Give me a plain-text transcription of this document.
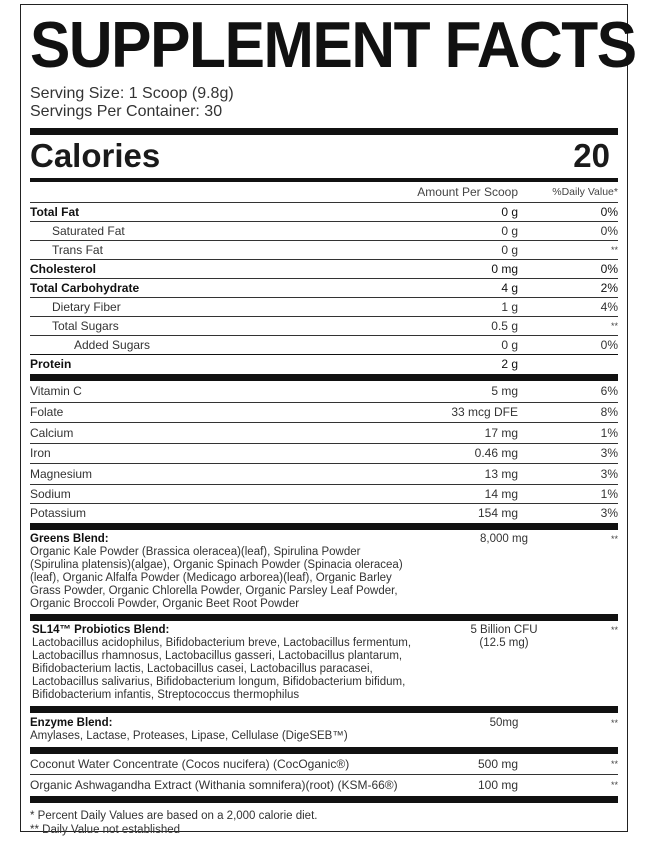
SUPPLEMENT FACTS
Serving Size: 1 Scoop (9.8g)
Servings Per Container: 30
Calories	20
Amount Per Scoop	%Daily Value*
Total Fat	0 g	0%
Saturated Fat	0 g	0%
Trans Fat	0 g	**
Cholesterol	0 mg	0%
Total Carbohydrate	4 g	2%
Dietary Fiber	1 g	4%
Total Sugars	0.5 g	**
Added Sugars	0 g	0%
Protein	2 g
Vitamin C	5 mg	6%
Folate	33 mcg DFE	8%
Calcium	17 mg	1%
Iron	0.46 mg	3%
Magnesium	13 mg	3%
Sodium	14 mg	1%
Potassium	154 mg	3%
Greens Blend:
Organic Kale Powder (Brassica oleracea)(leaf), Spirulina Powder
(Spirulina platensis)(algae), Organic Spinach Powder (Spinacia oleracea)
(leaf), Organic Alfalfa Powder (Medicago arborea)(leaf), Organic Barley
Grass Powder, Organic Chlorella Powder, Organic Parsley Leaf Powder,
Organic Broccoli Powder, Organic Beet Root Powder
8,000 mg	**
SL14™ Probiotics Blend:
Lactobacillus acidophilus, Bifidobacterium breve, Lactobacillus fermentum,
Lactobacillus rhamnosus, Lactobacillus gasseri, Lactobacillus plantarum,
Bifidobacterium lactis, Lactobacillus casei, Lactobacillus paracasei,
Lactobacillus salivarius, Bifidobacterium longum, Bifidobacterium bifidum,
Bifidobacterium infantis, Streptococcus thermophilus
5 Billion CFU
(12.5 mg)
**
Enzyme Blend:
Amylases, Lactase, Proteases, Lipase, Cellulase (DigeSEB™)
50mg	**
Coconut Water Concentrate (Cocos nucifera) (CocOganic®)	500 mg	**
Organic Ashwagandha Extract (Withania somnifera)(root) (KSM-66®)	100 mg	**
* Percent Daily Values are based on a 2,000 calorie diet.
** Daily Value not established
